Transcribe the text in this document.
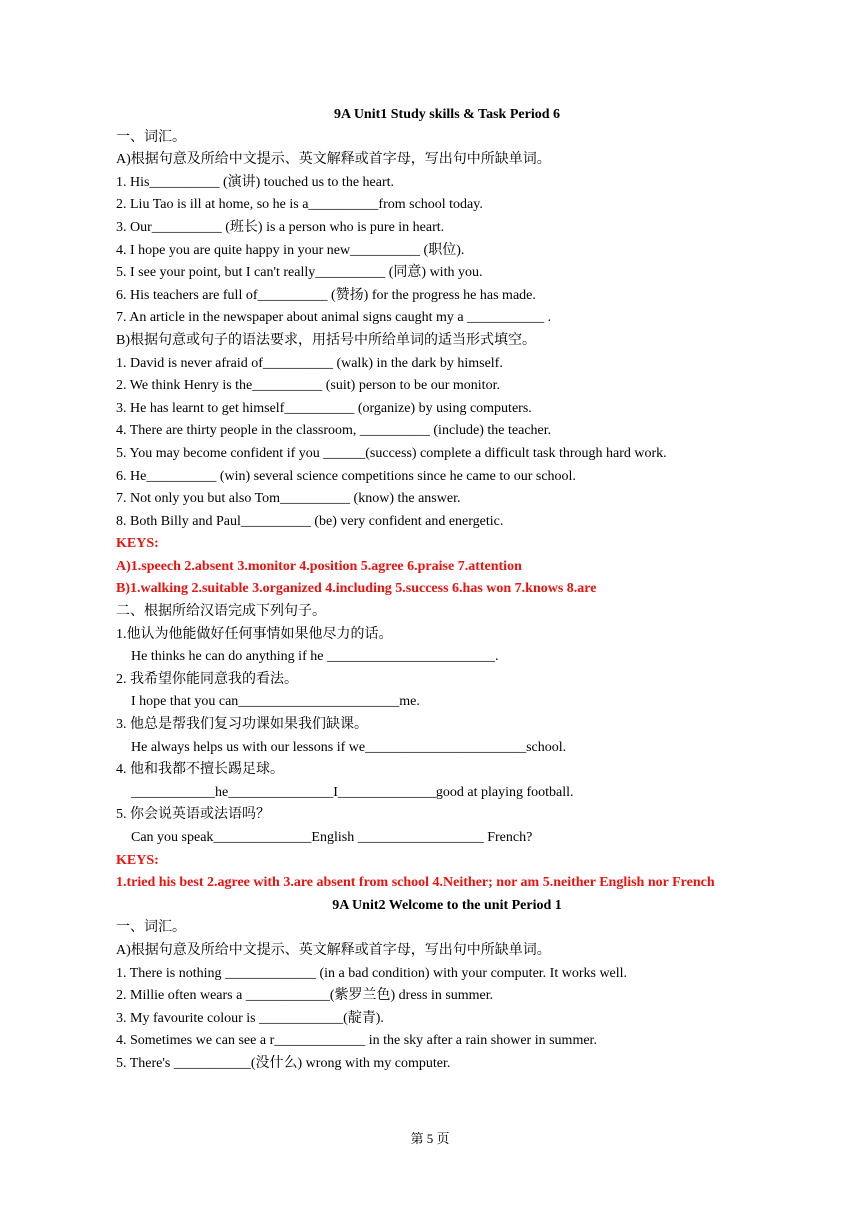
9A Unit1 Study skills & Task Period 6
一、词汇。
A)根据句意及所给中文提示、英文解释或首字母，写出句中所缺单词。
1. His__________ (演讲) touched us to the heart.
2. Liu Tao is ill at home, so he is a__________from school today.
3. Our__________ (班长) is a person who is pure in heart.
4. I hope you are quite happy in your new__________ (职位).
5. I see your point, but I can't really__________ (同意) with you.
6. His teachers are full of__________ (赞扬) for the progress he has made.
7. An article in the newspaper about animal signs caught my a ___________ .
B)根据句意或句子的语法要求，用括号中所给单词的适当形式填空。
1. David is never afraid of__________ (walk) in the dark by himself.
2. We think Henry is the__________ (suit) person to be our monitor.
3. He has learnt to get himself__________ (organize) by using computers.
4. There are thirty people in the classroom, __________ (include) the teacher.
5. You may become confident if you ______(success) complete a difficult task through hard work.
6. He__________ (win) several science competitions since he came to our school.
7. Not only you but also Tom__________ (know) the answer.
8. Both Billy and Paul__________ (be) very confident and energetic.
KEYS:
A)1.speech 2.absent 3.monitor 4.position 5.agree 6.praise 7.attention
B)1.walking 2.suitable 3.organized 4.including 5.success 6.has won 7.knows 8.are
二、根据所给汉语完成下列句子。
1.他认为他能做好任何事情如果他尽力的话。
He thinks he can do anything if he ________________________.
2. 我希望你能同意我的看法。
I hope that you can_______________________me.
3. 他总是帮我们复习功课如果我们缺课。
He always helps us with our lessons if we_______________________school.
4. 他和我都不擅长踢足球。
____________he_______________I______________good at playing football.
5. 你会说英语或法语吗？
Can you speak______________English __________________ French?
KEYS:
1.tried his best 2.agree with 3.are absent from school 4.Neither; nor am 5.neither English nor French
9A Unit2 Welcome to the unit Period 1
一、词汇。
A)根据句意及所给中文提示、英文解释或首字母，写出句中所缺单词。
1. There is nothing _____________ (in a bad condition) with your computer. It works well.
2. Millie often wears a ____________(紫罗兰色) dress in summer.
3. My favourite colour is ____________(靛青).
4. Sometimes we can see a r_____________ in the sky after a rain shower in summer.
5. There's ___________(没什么) wrong with my computer.
第 5 页
